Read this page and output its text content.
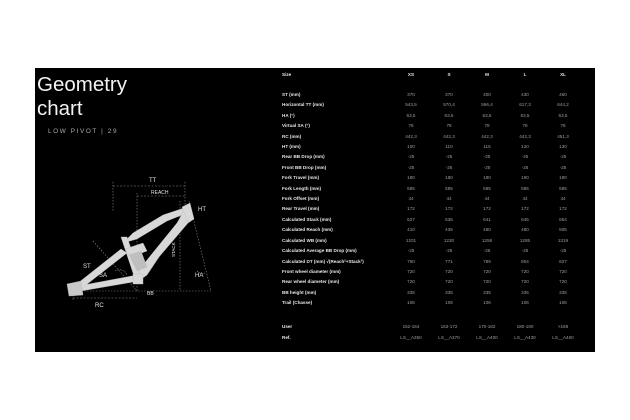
Geometry
chart
LOW PIVOT | 29
TT
REACH
HT
STACK
ST
SA	HA
RC
BB
Size	XS	S	M	L	XL

ST (mm)	370	370	400	430	460
Horizontal TT (mm)	543,5	570,4	596,4	617,3	644,2
HA (°)	63,5	63,5	63,5	63,5	63,5
Virtual SA (°)	78	78	78	78	78
RC (mm)	442,3	442,3	442,3	442,3	451,3
HT (mm)	100	110	115	120	130
Rear BB Drop (mm)	-25	-25	-25	-25	-25
Front BB Drop (mm)	-25	-25	-25	-25	-25
Fork Travel (mm)	180	180	180	190	190
Fork Length (mm)	585	585	585	585	585
Fork Offset (mm)	44	44	44	44	44
Rear Travel (mm)	172	172	172	172	172
Calculated Stack (mm)	627	636	641	645	654
Calculated Reach (mm)	410	435	460	480	505
Calculated WB (mm)	1201	1230	1258	1285	1319
Calculated Average BB Drop (mm)	-25	-25	-25	-25	-25
Calculated DT (mm) √(Reach²+Stack²)	750	771	789	804	827
Front wheel diameter (mm)	720	720	720	720	720
Rear wheel diameter (mm)	720	720	720	720	720
BB height (mm)	335	335	335	335	335
Trail (Chasse)	106	106	106	106	106

User	152-164	163-172	170-182	180-190	>188
Ref.	LS__A350	LS__A370	LS__A400	LS__A430	LS__A460
